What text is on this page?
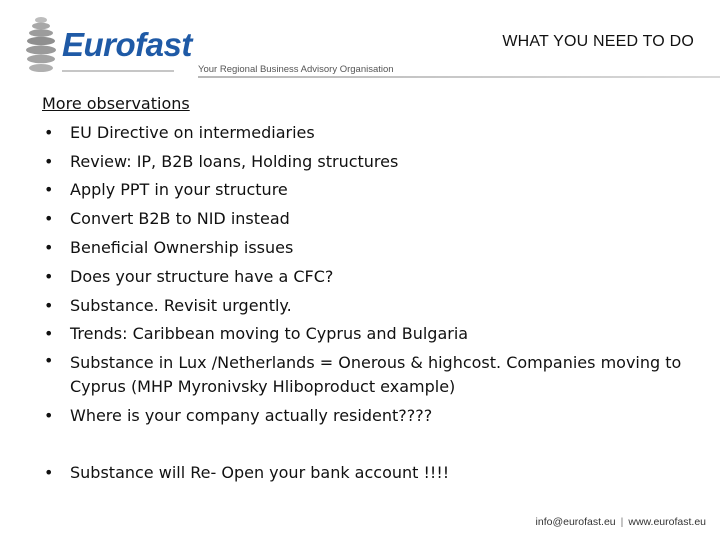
Eurofast
Your Regional Business Advisory Organisation
WHAT YOU NEED TO DO
More observations
• EU Directive on intermediaries
• Review: IP, B2B loans, Holding structures
• Apply PPT in your structure
• Convert B2B to NID instead
• Beneficial Ownership issues
• Does your structure have a CFC?
• Substance. Revisit urgently.
• Trends: Caribbean moving to Cyprus and Bulgaria
• Substance in Lux /Netherlands = Onerous & highcost. Companies moving to Cyprus (MHP Myronivsky Hliboproduct example)
• Where is your company actually resident????
• Substance will Re- Open your bank account !!!!
info@eurofast.eu | www.eurofast.eu
